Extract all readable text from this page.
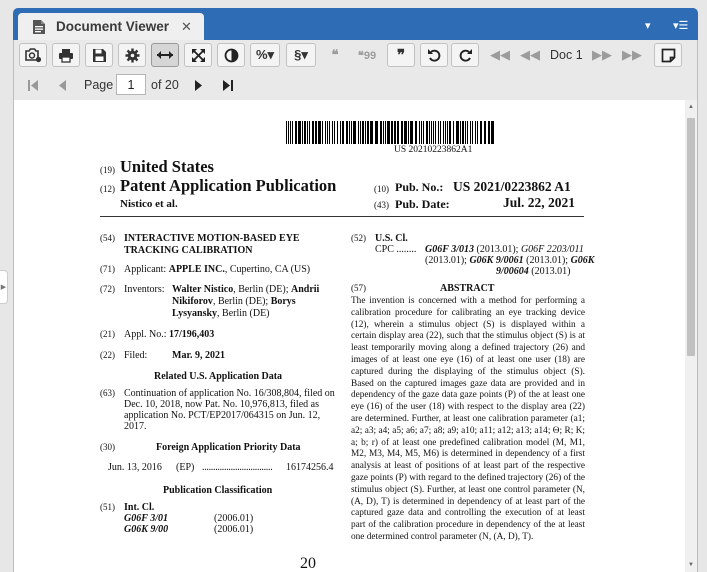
Document Viewer ✕	▾ ▾☰
%▾	§▾	❝	❝99	❞	◀◀ ◀◀ Doc 1 ▶▶ ▶▶
Page
1	of 20
US 20210223862A1
(19) United States
(12) Patent Application Publication	(10) Pub. No.: US 2021/0223862 A1
Nistico et al.	(43) Pub. Date:	Jul. 22, 2021
(54) INTERACTIVE MOTION-BASED EYE
TRACKING CALIBRATION
(71) Applicant: APPLE INC., Cupertino, CA (US)
(72) Inventors: Walter Nistico, Berlin (DE); Andrii
Nikiforov, Berlin (DE); Borys
Lysyansky, Berlin (DE)
(21) Appl. No.: 17/196,403
(22) Filed: Mar. 9, 2021
Related U.S. Application Data
(63) Continuation of application No. 16/308,804, filed on
Dec. 10, 2018, now Pat. No. 10,976,813, filed as
application No. PCT/EP2017/064315 on Jun. 12,
2017.
(30)	Foreign Application Priority Data
Jun. 13, 2016 (EP) ................................ 16174256.4
Publication Classification
(51) Int. Cl.
G06F 3/01	(2006.01)
G06K 9/00	(2006.01)
(52) U.S. Cl.
CPC ........ G06F 3/013 (2013.01); G06F 2203/011
(2013.01); G06K 9/0061 (2013.01); G06K
9/00604 (2013.01)
(57)	ABSTRACT
The invention is concerned with a method for performing a calibration procedure for calibrating an eye tracking device (12), wherein a stimulus object (S) is displayed within a certain display area (22), such that the stimulus object (S) is at least temporarily moving along a defined trajectory (26) and images of at least one eye (16) of at least one user (18) are captured during the displaying of the stimulus object (S). Based on the captured images gaze data are provided and in dependency of the gaze data gaze points (P) of the at least one eye (16) of the user (18) with respect to the display area (22) are determined. Further, at least one calibration parameter (a1; a2; a3; a4; a5; a6; a7; a8; a9; a10; a11; a12; a13; a14; Θ; R; K; a; b; r) of at least one predefined calibration model (M, M1, M2, M3, M4, M5, M6) is determined in dependency of a first analysis at least of positions of at least part of the respective gaze points (P) with regard to the defined trajectory (26) of the stimulus object (S). Further, at least one control parameter (N, (A, D), T) is determined in dependency of at least part of the captured gaze data and controlling the execution of at least part of the calibration procedure in dependency of the at least one determined control parameter (N, (A, D), T).
20
▲
▼
▶
